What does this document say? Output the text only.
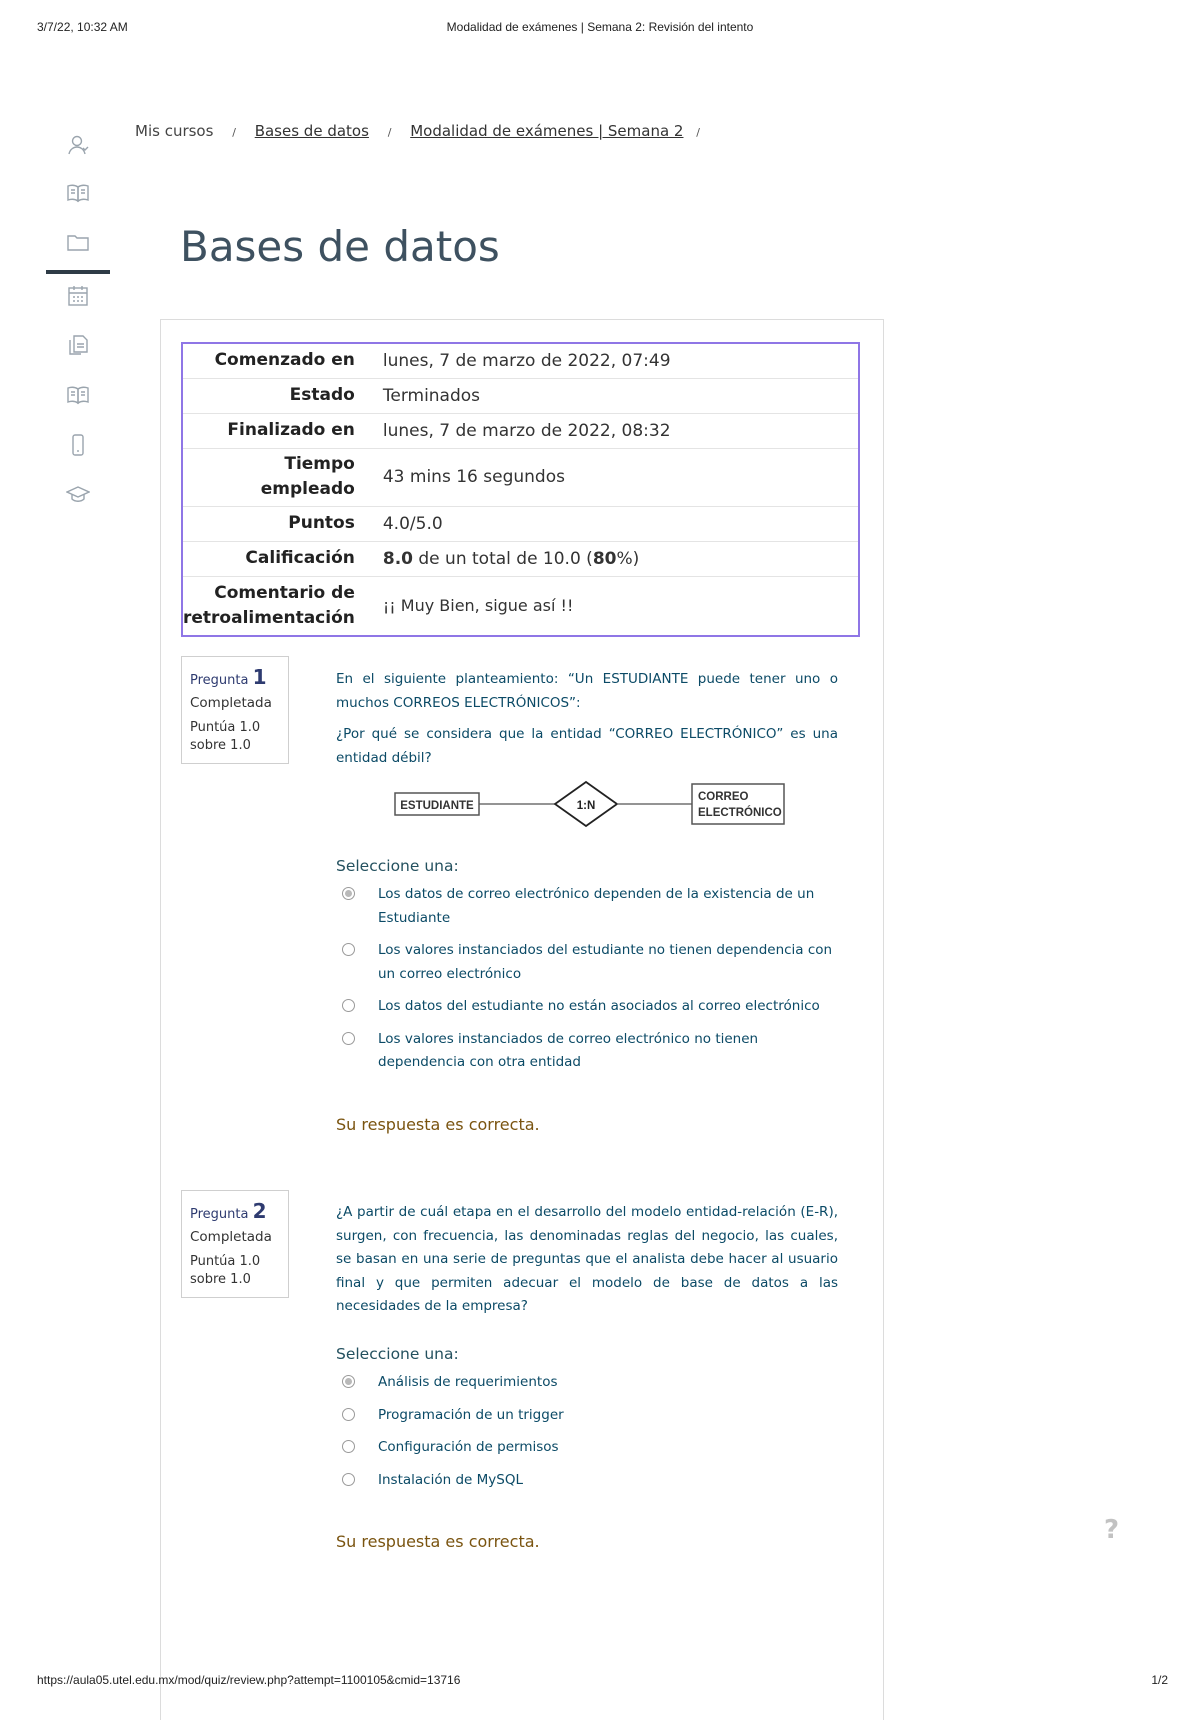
3/7/22, 10:32 AM	Modalidad de exámenes | Semana 2: Revisión del intento
Mis cursos / Bases de datos / Modalidad de exámenes | Semana 2 /
Bases de datos
Comenzado en	lunes, 7 de marzo de 2022, 07:49
Estado	Terminados
Finalizado en	lunes, 7 de marzo de 2022, 08:32

Tiempo
empleado	43 mins 16 segundos
Puntos	4.0/5.0
Calificación	8.0 de un total de 10.0 (80%)

Comentario de
retroalimentación	¡¡ Muy Bien, sigue así !!
Pregunta 1
Completada
Puntúa 1.0
sobre 1.0

En el siguiente planteamiento: “Un ESTUDIANTE puede tener uno o muchos CORREOS ELECTRÓNICOS”:

¿Por qué se considera que la entidad “CORREO ELECTRÓNICO” es una entidad débil?

ESTUDIANTE	1:N
CORREO
ELECTRÓNICO
Seleccione una:
Los datos de correo electrónico dependen de la existencia de un Estudiante
Los valores instanciados del estudiante no tienen dependencia con un correo electrónico
Los datos del estudiante no están asociados al correo electrónico
Los valores instanciados de correo electrónico no tienen dependencia con otra entidad
Su respuesta es correcta.
Pregunta 2
Completada
Puntúa 1.0
sobre 1.0

¿A partir de cuál etapa en el desarrollo del modelo entidad-relación (E-R), surgen, con frecuencia, las denominadas reglas del negocio, las cuales, se basan en una serie de preguntas que el analista debe hacer al usuario final y que permiten adecuar el modelo de base de datos a las necesidades de la empresa?

Seleccione una:
Análisis de requerimientos
Programación de un trigger
Configuración de permisos
Instalación de MySQL
Su respuesta es correcta.	?
https://aula05.utel.edu.mx/mod/quiz/review.php?attempt=1100105&cmid=13716	1/2
